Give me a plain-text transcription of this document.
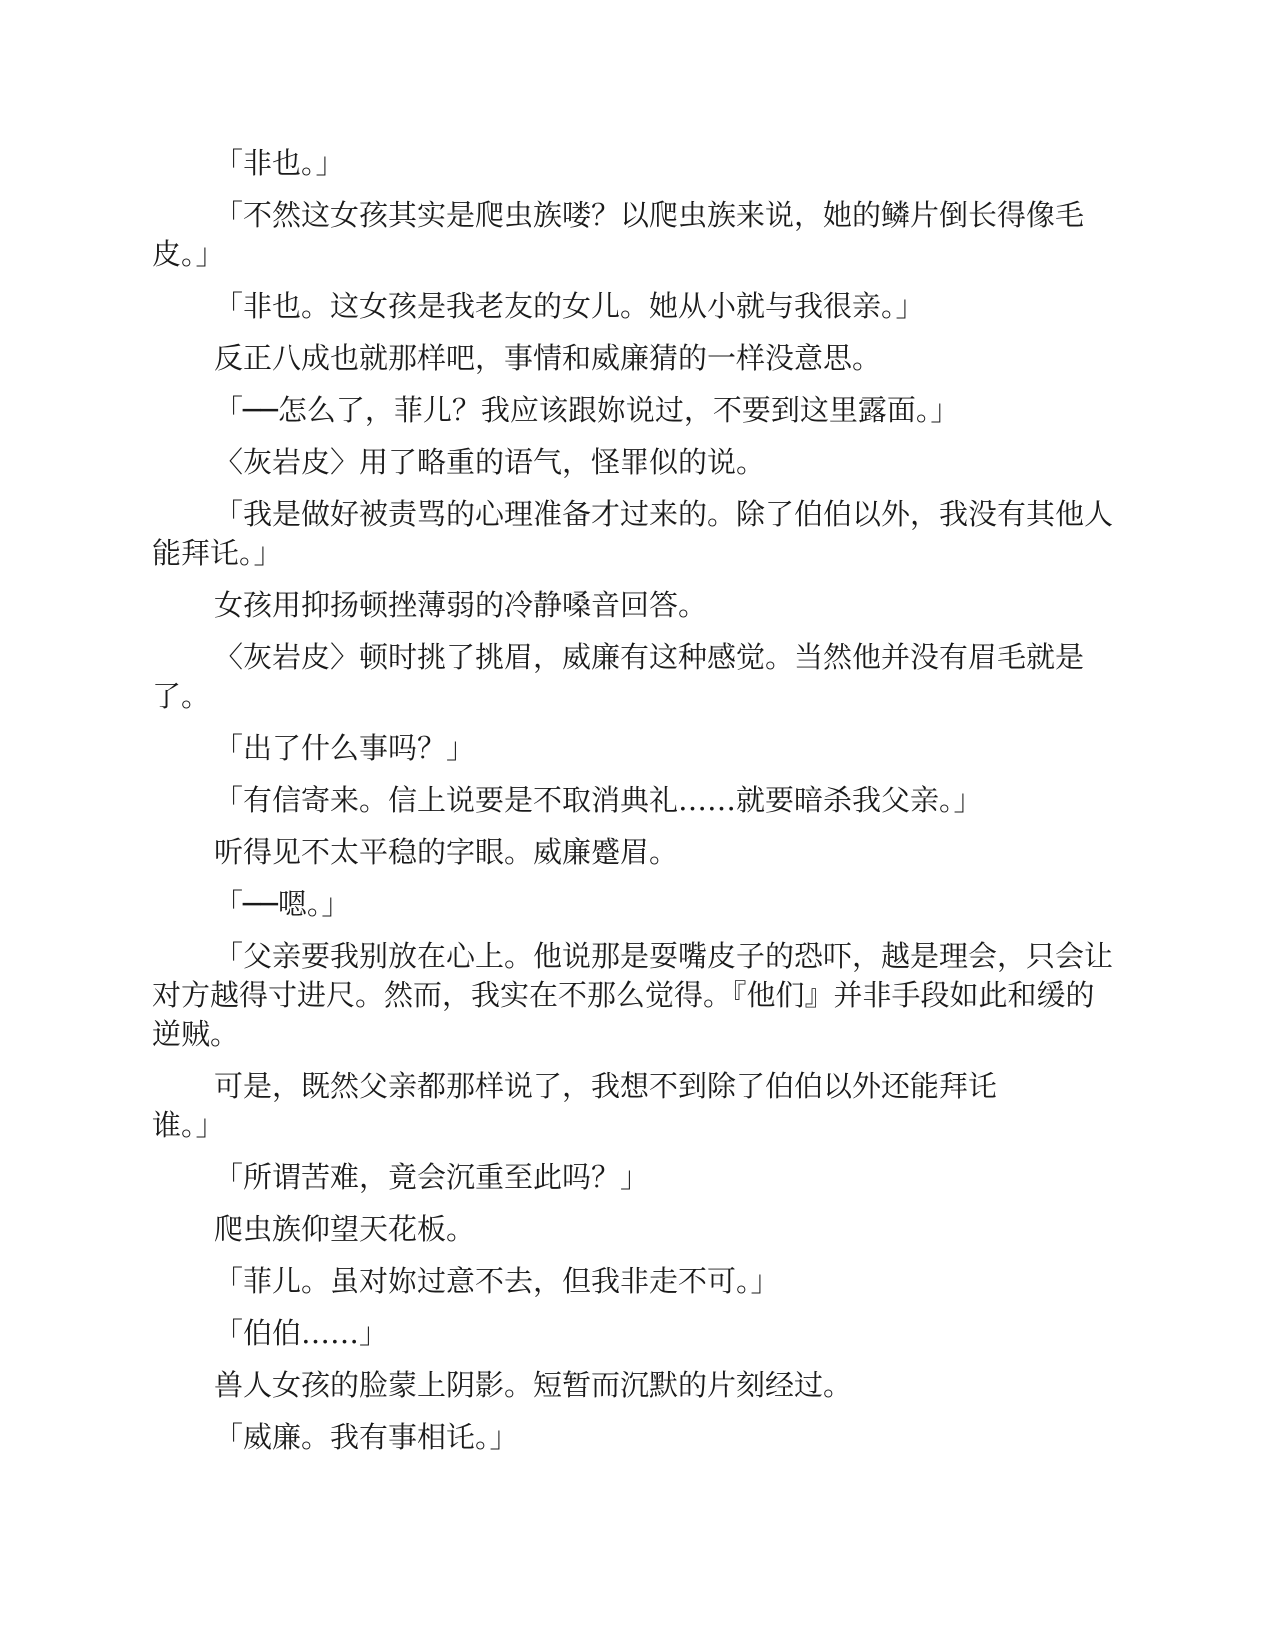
「非也。」

「不然这女孩其实是爬虫族喽？以爬虫族来说，她的鳞片倒长得像毛皮。」

「非也。这女孩是我老友的女儿。她从小就与我很亲。」

反正八成也就那样吧，事情和威廉猜的一样没意思。

「──怎么了，菲儿？我应该跟妳说过，不要到这里露面。」

〈灰岩皮〉用了略重的语气，怪罪似的说。

「我是做好被责骂的心理准备才过来的。除了伯伯以外，我没有其他人能拜讬。」

女孩用抑扬顿挫薄弱的冷静嗓音回答。

〈灰岩皮〉顿时挑了挑眉，威廉有这种感觉。当然他并没有眉毛就是了。

「出了什么事吗？」

「有信寄来。信上说要是不取消典礼……就要暗杀我父亲。」

听得见不太平稳的字眼。威廉蹙眉。

「──嗯。」

「父亲要我别放在心上。他说那是耍嘴皮子的恐吓，越是理会，只会让对方越得寸进尺。然而，我实在不那么觉得。『他们』并非手段如此和缓的逆贼。

可是，既然父亲都那样说了，我想不到除了伯伯以外还能拜讬
谁。」

「所谓苦难，竟会沉重至此吗？」

爬虫族仰望天花板。

「菲儿。虽对妳过意不去，但我非走不可。」

「伯伯……」

兽人女孩的脸蒙上阴影。短暂而沉默的片刻经过。

「威廉。我有事相讬。」
